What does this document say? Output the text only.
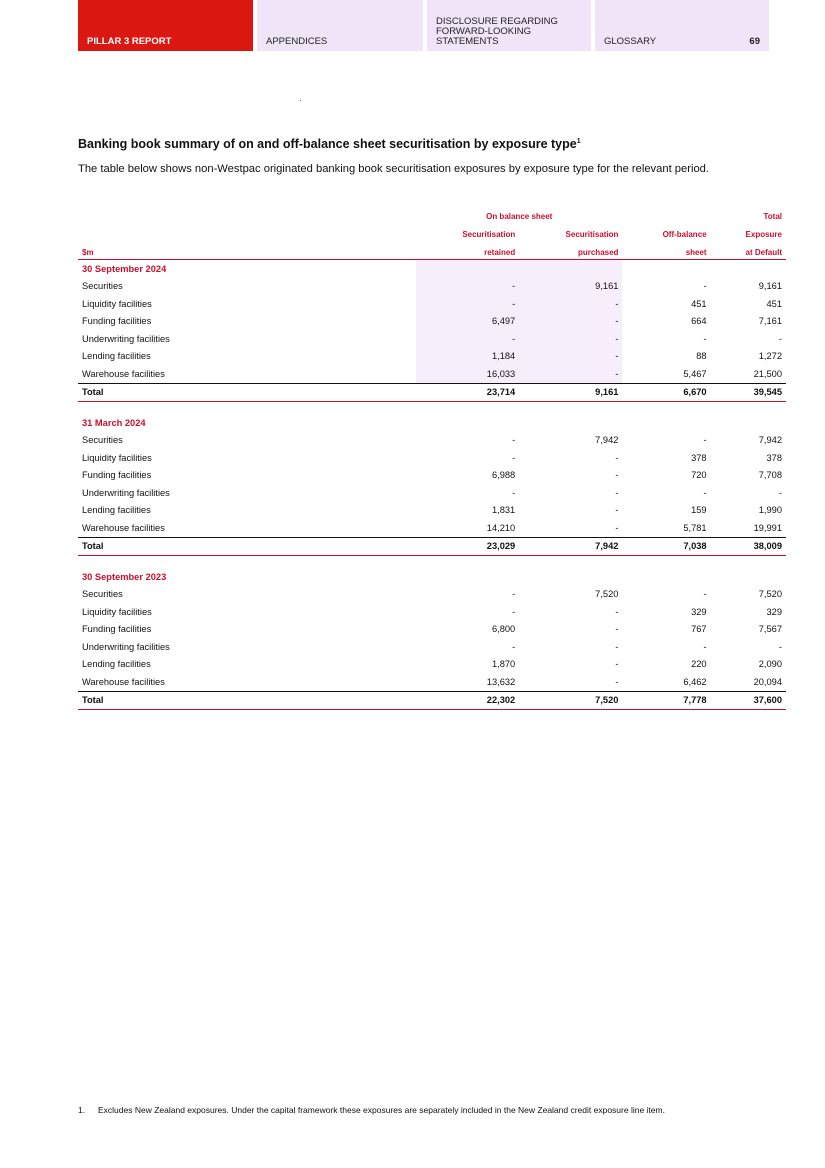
PILLAR 3 REPORT	APPENDICES
DISCLOSURE REGARDING FORWARD-LOOKING STATEMENTS	GLOSSARY	69
Banking book summary of on and off-balance sheet securitisation by exposure type$^1$

The table below shows non-Westpac originated banking book securitisation exposures by exposure type for the relevant period.

	On balance sheet			Total
	Securitisation	Securitisation	Off-balance	Exposure
$m	retained	purchased	sheet	at Default
30 September 2024				
Securities	-	9,161	-	9,161
Liquidity facilities	-	-	451	451
Funding facilities	6,497	-	664	7,161
Underwriting facilities	-	-	-	-
Lending facilities	1,184	-	88	1,272
Warehouse facilities	16,033	-	5,467	21,500
Total	23,714	9,161	6,670	39,545

31 March 2024				
Securities	-	7,942	-	7,942
Liquidity facilities	-	-	378	378
Funding facilities	6,988	-	720	7,708
Underwriting facilities	-	-	-	-
Lending facilities	1,831	-	159	1,990
Warehouse facilities	14,210	-	5,781	19,991
Total	23,029	7,942	7,038	38,009

30 September 2023				
Securities	-	7,520	-	7,520
Liquidity facilities	-	-	329	329
Funding facilities	6,800	-	767	7,567
Underwriting facilities	-	-	-	-
Lending facilities	1,870	-	220	2,090
Warehouse facilities	13,632	-	6,462	20,094
Total	22,302	7,520	7,778	37,600
1.	Excludes New Zealand exposures. Under the capital framework these exposures are separately included in the New Zealand credit exposure line item.
